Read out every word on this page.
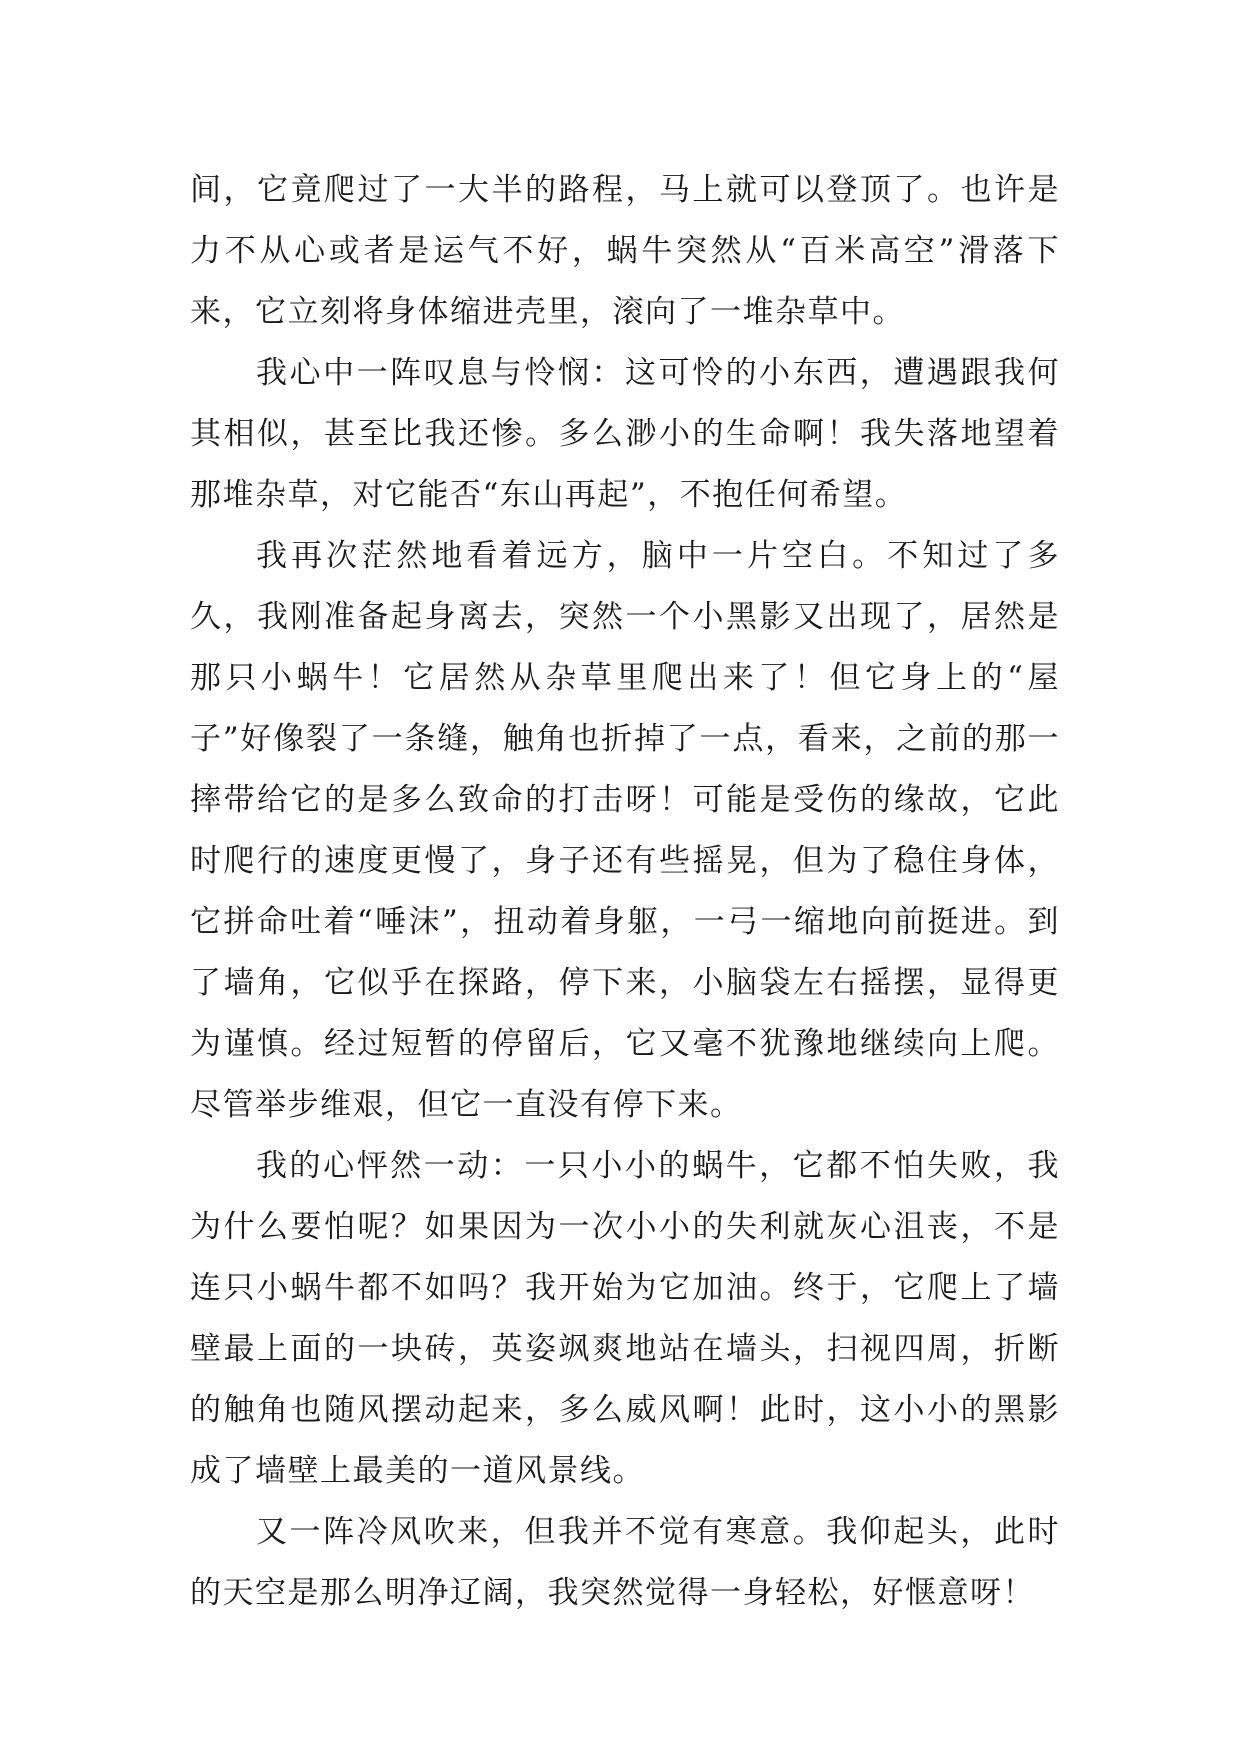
间，它竟爬过了一大半的路程，马上就可以登顶了。也许是力不从心或者是运气不好，蜗牛突然从“百米高空”滑落下来，它立刻将身体缩进壳里，滚向了一堆杂草中。

我心中一阵叹息与怜悯：这可怜的小东西，遭遇跟我何其相似，甚至比我还惨。多么渺小的生命啊！我失落地望着那堆杂草，对它能否“东山再起”，不抱任何希望。

我再次茫然地看着远方，脑中一片空白。不知过了多久，我刚准备起身离去，突然一个小黑影又出现了，居然是那只小蜗牛！它居然从杂草里爬出来了！但它身上的“屋子”好像裂了一条缝，触角也折掉了一点，看来，之前的那一摔带给它的是多么致命的打击呀！可能是受伤的缘故，它此时爬行的速度更慢了，身子还有些摇晃，但为了稳住身体，它拼命吐着“唾沫”，扭动着身躯，一弓一缩地向前挺进。到了墙角，它似乎在探路，停下来，小脑袋左右摇摆，显得更为谨慎。经过短暂的停留后，它又毫不犹豫地继续向上爬。尽管举步维艰，但它一直没有停下来。

我的心怦然一动：一只小小的蜗牛，它都不怕失败，我为什么要怕呢？如果因为一次小小的失利就灰心沮丧，不是连只小蜗牛都不如吗？我开始为它加油。终于，它爬上了墙壁最上面的一块砖，英姿飒爽地站在墙头，扫视四周，折断的触角也随风摆动起来，多么威风啊！此时，这小小的黑影成了墙壁上最美的一道风景线。

又一阵冷风吹来，但我并不觉有寒意。我仰起头，此时的天空是那么明净辽阔，我突然觉得一身轻松，好惬意呀！
